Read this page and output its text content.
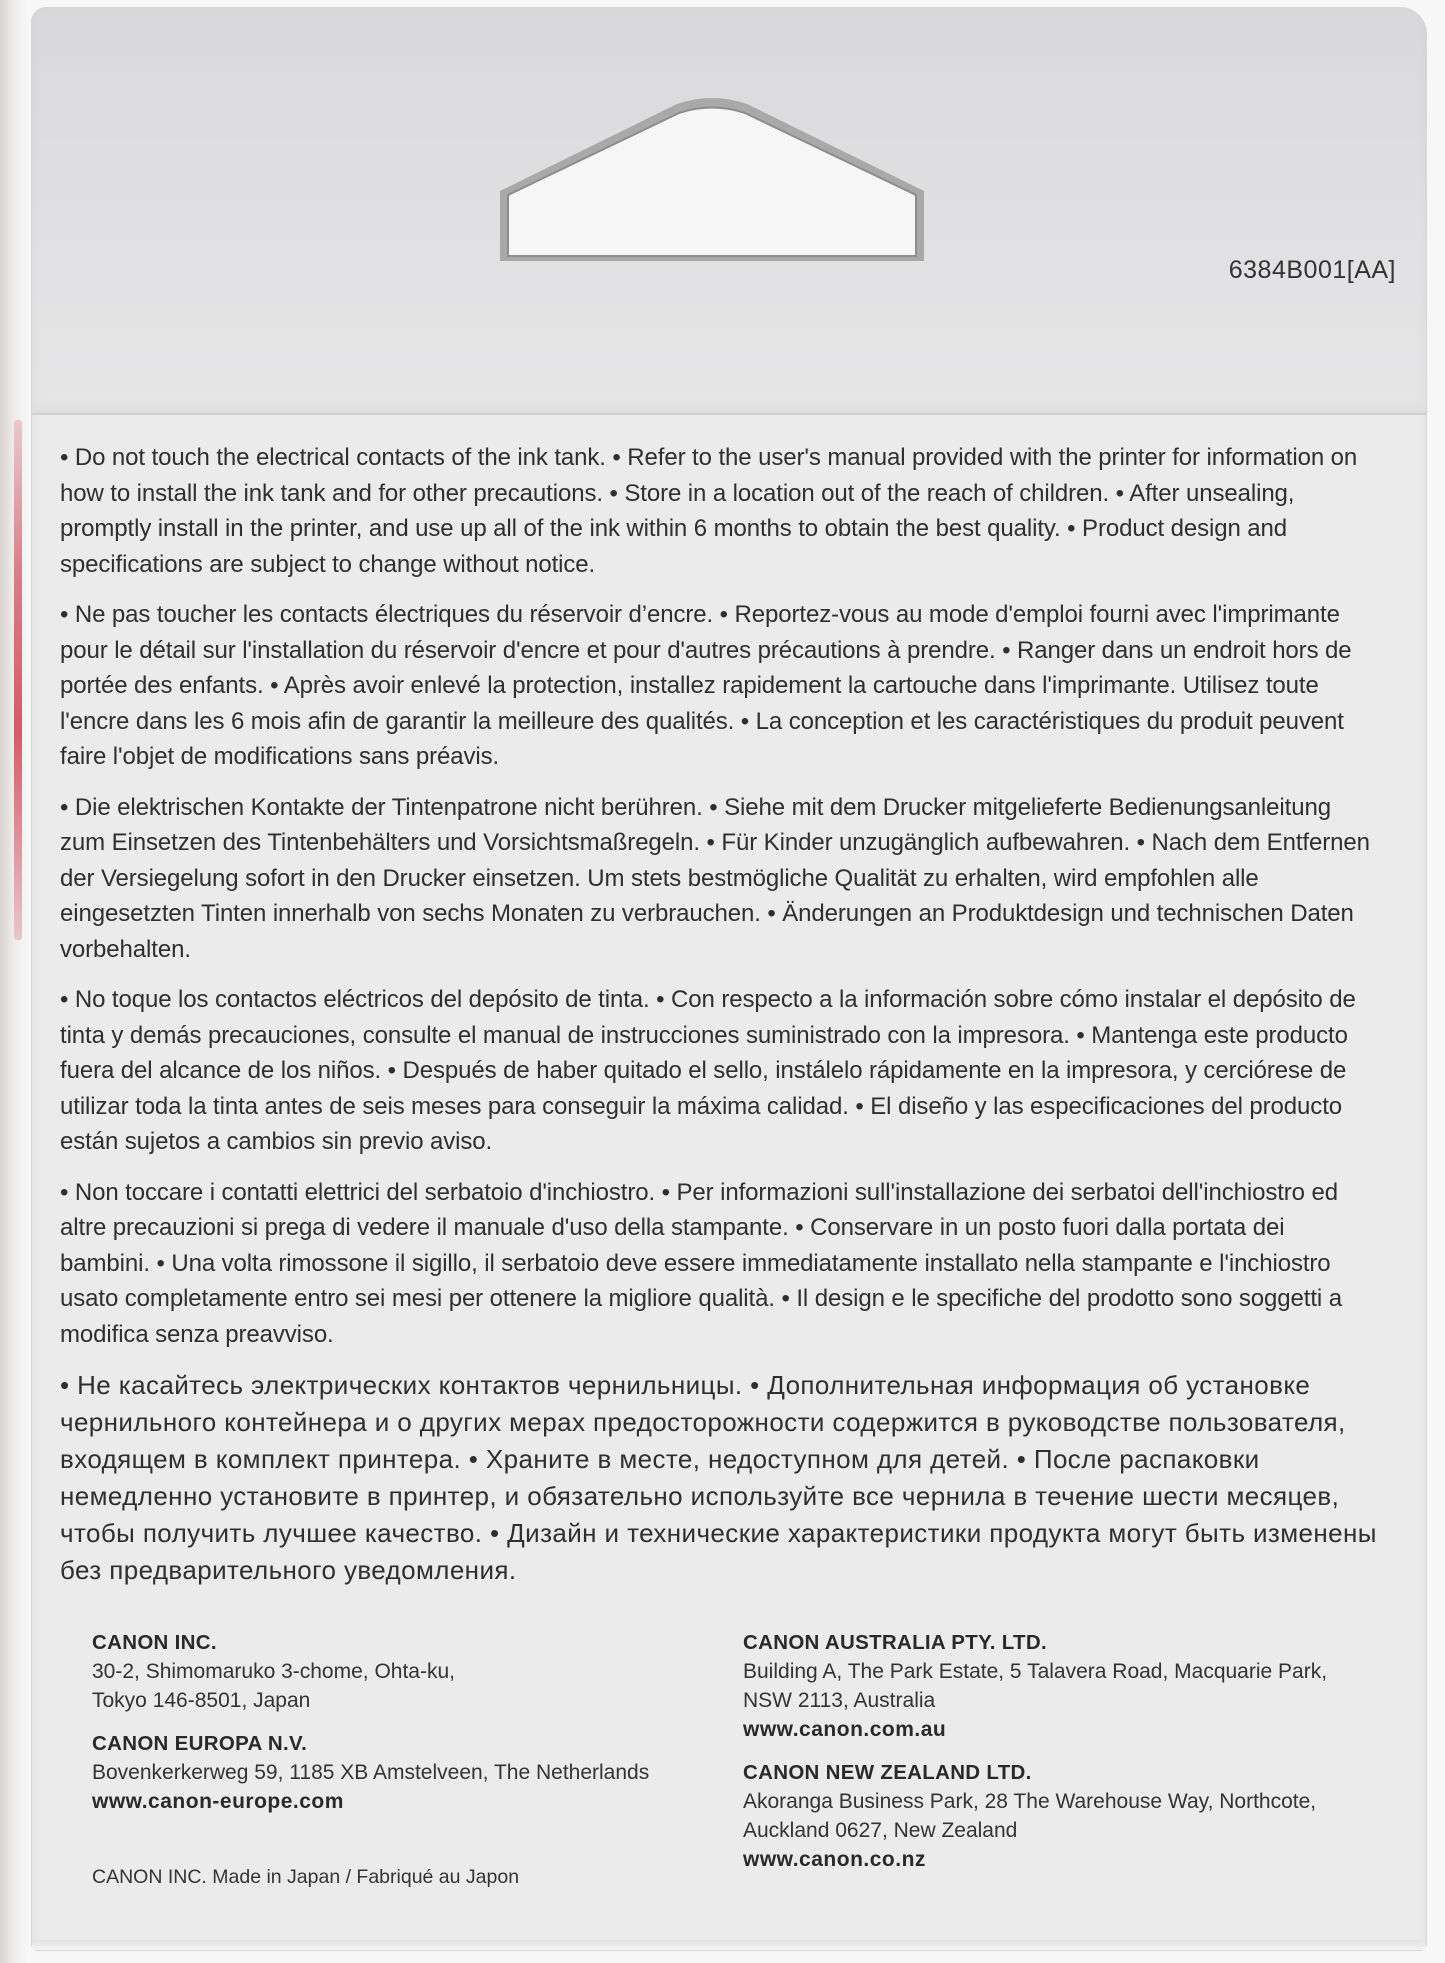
6384B001[AA]

• Do not touch the electrical contacts of the ink tank. • Refer to the user's manual provided with the printer for information on how to install the ink tank and for other precautions. • Store in a location out of the reach of children. • After unsealing, promptly install in the printer, and use up all of the ink within 6 months to obtain the best quality. • Product design and specifications are subject to change without notice.

• Ne pas toucher les contacts électriques du réservoir d’encre. • Reportez-vous au mode d'emploi fourni avec l'imprimante pour le détail sur l'installation du réservoir d'encre et pour d'autres précautions à prendre. • Ranger dans un endroit hors de portée des enfants. • Après avoir enlevé la protection, installez rapidement la cartouche dans l'imprimante. Utilisez toute l'encre dans les 6 mois afin de garantir la meilleure des qualités. • La conception et les caractéristiques du produit peuvent faire l'objet de modifications sans préavis.

• Die elektrischen Kontakte der Tintenpatrone nicht berühren. • Siehe mit dem Drucker mitgelieferte Bedienungsanleitung zum Einsetzen des Tintenbehälters und Vorsichtsmaßregeln. • Für Kinder unzugänglich aufbewahren. • Nach dem Entfernen der Versiegelung sofort in den Drucker einsetzen. Um stets bestmögliche Qualität zu erhalten, wird empfohlen alle eingesetzten Tinten innerhalb von sechs Monaten zu verbrauchen. • Änderungen an Produktdesign und technischen Daten vorbehalten.

• No toque los contactos eléctricos del depósito de tinta. • Con respecto a la información sobre cómo instalar el depósito de tinta y demás precauciones, consulte el manual de instrucciones suministrado con la impresora. • Mantenga este producto fuera del alcance de los niños. • Después de haber quitado el sello, instálelo rápidamente en la impresora, y cerciórese de utilizar toda la tinta antes de seis meses para conseguir la máxima calidad. • El diseño y las especificaciones del producto están sujetos a cambios sin previo aviso.

• Non toccare i contatti elettrici del serbatoio d'inchiostro. • Per informazioni sull'installazione dei serbatoi dell'inchiostro ed altre precauzioni si prega di vedere il manuale d'uso della stampante. • Conservare in un posto fuori dalla portata dei bambini. • Una volta rimossone il sigillo, il serbatoio deve essere immediatamente installato nella stampante e l'inchiostro usato completamente entro sei mesi per ottenere la migliore qualità. • Il design e le specifiche del prodotto sono soggetti a modifica senza preavviso.

• Не касайтесь электрических контактов чернильницы. • Дополнительная информация об установке чернильного контейнера и о других мерах предосторожности содержится в руководстве пользователя, входящем в комплект принтера. • Храните в месте, недоступном для детей. • После распаковки немедленно установите в принтер, и обязательно используйте все чернила в течение шести месяцев, чтобы получить лучшее качество. • Дизайн и технические характеристики продукта могут быть изменены без предварительного уведомления.

CANON INC.
30-2, Shimomaruko 3-chome, Ohta-ku,
Tokyo 146-8501, Japan
CANON EUROPA N.V.
Bovenkerkerweg 59, 1185 XB Amstelveen, The Netherlands
www.canon-europe.com
CANON AUSTRALIA PTY. LTD.
Building A, The Park Estate, 5 Talavera Road, Macquarie Park,
NSW 2113, Australia
www.canon.com.au
CANON NEW ZEALAND LTD.
Akoranga Business Park, 28 The Warehouse Way, Northcote,
Auckland 0627, New Zealand
www.canon.co.nz
CANON INC. Made in Japan / Fabriqué au Japon
